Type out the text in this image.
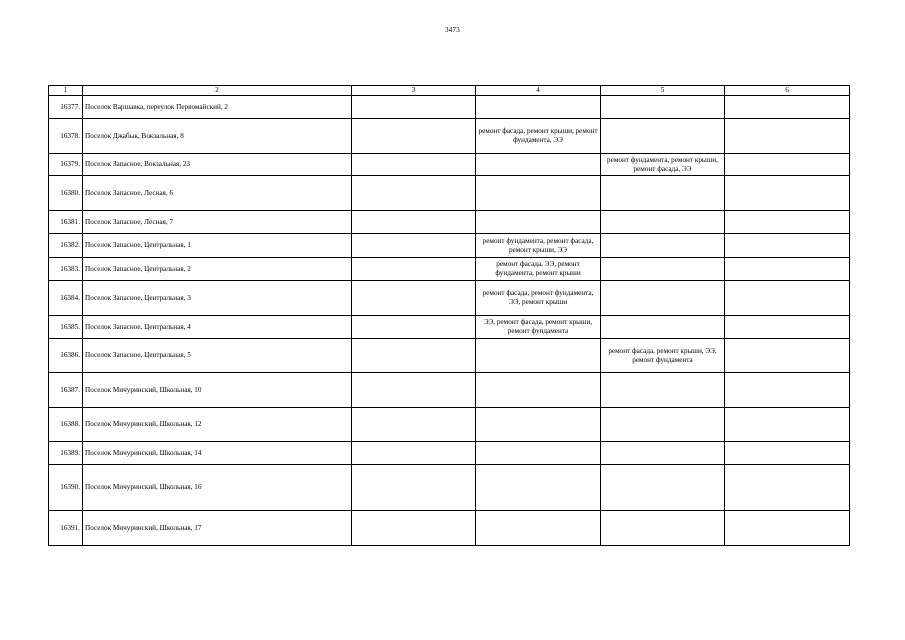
3473
1	2	3	4	5	6
16377.	Поселок Варшавка, переулок Первомайский, 2				
16378.	Поселок Джабык, Вокзальная, 8		ремонт фасада, ремонт крыши, ремонт фундамента, ЭЭ		
16379.	Поселок Запасное, Вокзальная, 23			ремонт фундамента, ремонт крыши, ремонт фасада, ЭЭ	
16380.	Поселок Запасное, Лесная, 6				
16381.	Поселок Запасное, Лесная, 7				
16382.	Поселок Запасное, Центральная, 1		ремонт фундамента, ремонт фасада, ремонт крыши, ЭЭ		
16383.	Поселок Запасное, Центральная, 2		ремонт фасада, ЭЭ, ремонт фундамента, ремонт крыши		
16384.	Поселок Запасное, Центральная, 3		ремонт фасада, ремонт фундамента, ЭЭ, ремонт крыши		
16385.	Поселок Запасное, Центральная, 4		ЭЭ, ремонт фасада, ремонт крыши, ремонт фундамента		
16386.	Поселок Запасное, Центральная, 5			ремонт фасада, ремонт крыши, ЭЭ, ремонт фундамента	
16387.	Поселок Мичуринский, Школьная, 10				
16388.	Поселок Мичуринский, Школьная, 12				
16389.	Поселок Мичуринский, Школьная, 14				
16390.	Поселок Мичуринский, Школьная, 16				
16391.	Поселок Мичуринский, Школьная, 17				
